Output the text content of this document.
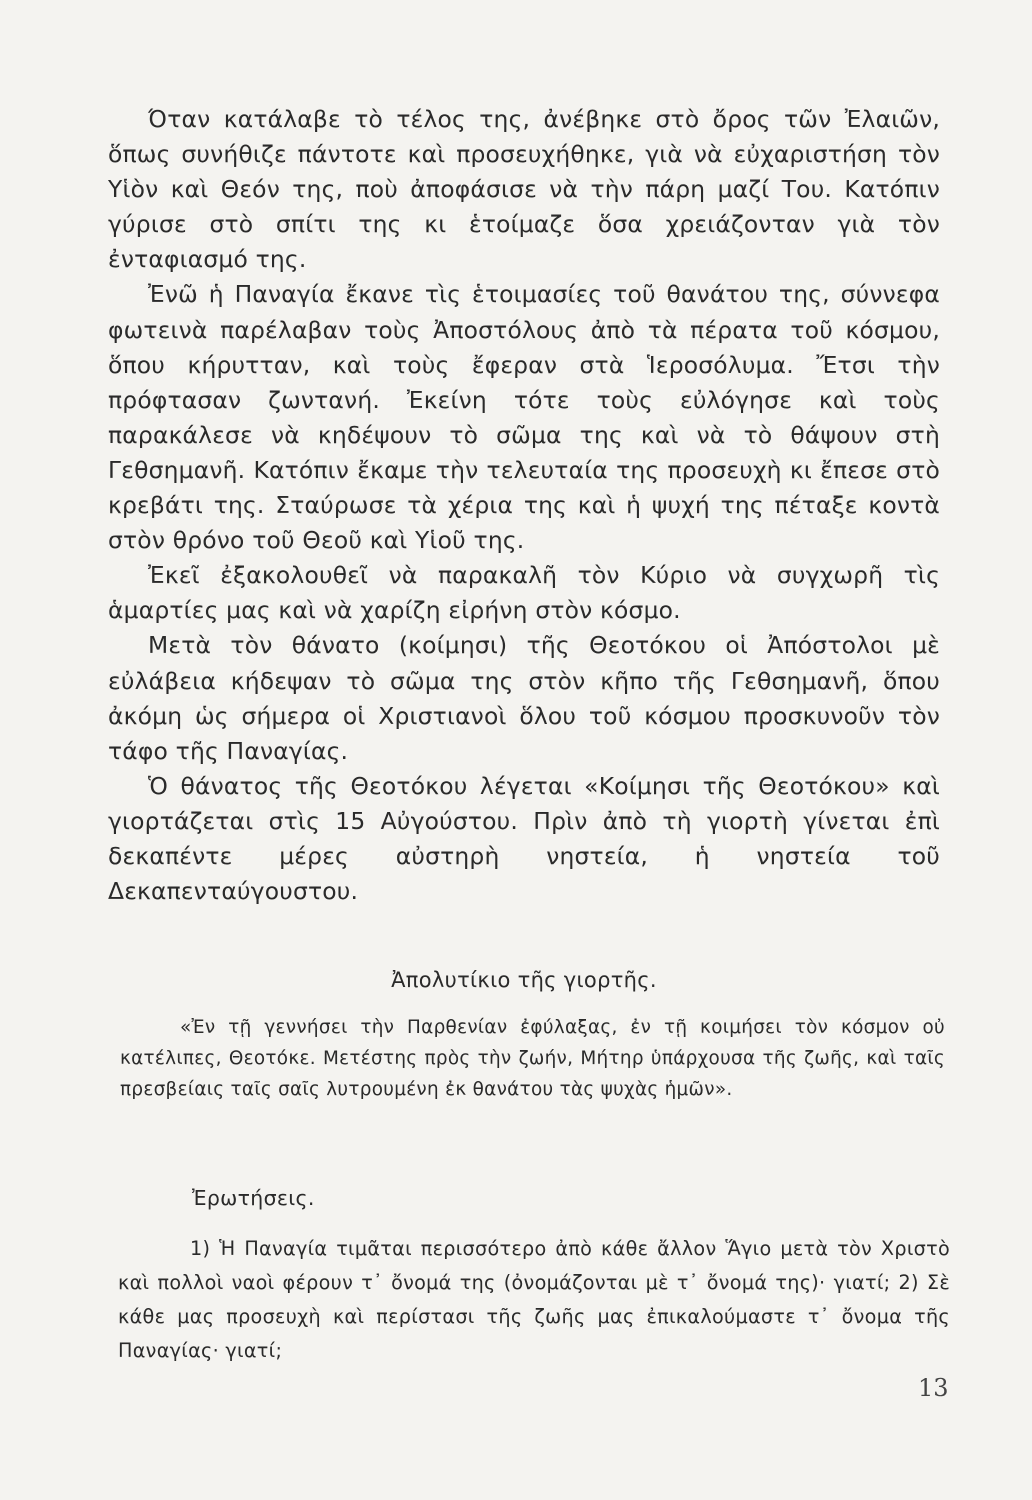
Όταν κατάλαβε τὸ τέλος της, ἀνέβηκε στὸ ὄρος τῶν Ἐλαιῶν, ὅπως συνήθιζε πάντοτε καὶ προσευχήθηκε, γιὰ νὰ εὐχαριστήση τὸν Υἱὸν καὶ Θεόν της, ποὺ ἀποφάσισε νὰ τὴν πάρη μαζί Του. Κατόπιν γύρισε στὸ σπίτι της κι ἑτοίμαζε ὅσα χρειάζονταν γιὰ τὸν ἐνταφιασμό της.

Ἐνῶ ἡ Παναγία ἔκανε τὶς ἑτοιμασίες τοῦ θανάτου της, σύννεφα φωτεινὰ παρέλαβαν τοὺς Ἀποστόλους ἀπὸ τὰ πέρατα τοῦ κόσμου, ὅπου κήρυτταν, καὶ τοὺς ἔφεραν στὰ Ἱεροσόλυμα. Ἔτσι τὴν πρόφτασαν ζωντανή. Ἐκείνη τότε τοὺς εὐλόγησε καὶ τοὺς παρακάλεσε νὰ κηδέψουν τὸ σῶμα της καὶ νὰ τὸ θάψουν στὴ Γεθσημανῆ. Κατόπιν ἔκαμε τὴν τελευταία της προσευχὴ κι ἔπεσε στὸ κρεβάτι της. Σταύρωσε τὰ χέρια της καὶ ἡ ψυχή της πέταξε κοντὰ στὸν θρόνο τοῦ Θεοῦ καὶ Υἱοῦ της.

Ἐκεῖ ἐξακολουθεῖ νὰ παρακαλῆ τὸν Κύριο νὰ συγχωρῆ τὶς ἁμαρτίες μας καὶ νὰ χαρίζη εἰρήνη στὸν κόσμο.

Μετὰ τὸν θάνατο (κοίμησι) τῆς Θεοτόκου οἱ Ἀπόστολοι μὲ εὐλάβεια κήδεψαν τὸ σῶμα της στὸν κῆπο τῆς Γεθσημανῆ, ὅπου ἀκόμη ὡς σήμερα οἱ Χριστιανοὶ ὅλου τοῦ κόσμου προσκυνοῦν τὸν τάφο τῆς Παναγίας.

Ὁ θάνατος τῆς Θεοτόκου λέγεται «Κοίμησι τῆς Θεοτόκου» καὶ γιορτάζεται στὶς 15 Αὐγούστου. Πρὶν ἀπὸ τὴ γιορτὴ γίνεται ἐπὶ δεκαπέντε μέρες αὐστηρὴ νηστεία, ἡ νηστεία τοῦ Δεκαπενταύγουστου.

Ἀπολυτίκιο τῆς γιορτῆς.

«Ἐν τῇ γεννήσει τὴν Παρθενίαν ἐφύλαξας, ἐν τῇ κοιμήσει τὸν κόσμον οὐ κατέλιπες, Θεοτόκε. Μετέστης πρὸς τὴν ζωήν, Μήτηρ ὑπάρχουσα τῆς ζωῆς, καὶ ταῖς πρεσβείαις ταῖς σαῖς λυτρουμένη ἐκ θανάτου τὰς ψυχὰς ἡμῶν».

Ἐρωτήσεις.

1) Ἡ Παναγία τιμᾶται περισσότερο ἀπὸ κάθε ἄλλον Ἅγιο μετὰ τὸν Χριστὸ καὶ πολλοὶ ναοὶ φέρουν τ᾿ ὄνομά της (ὀνομάζονται μὲ τ᾿ ὄνομά της)· γιατί; 2) Σὲ κάθε μας προσευχὴ καὶ περίστασι τῆς ζωῆς μας ἐπικαλούμαστε τ᾿ ὄνομα τῆς Παναγίας· γιατί;

13
